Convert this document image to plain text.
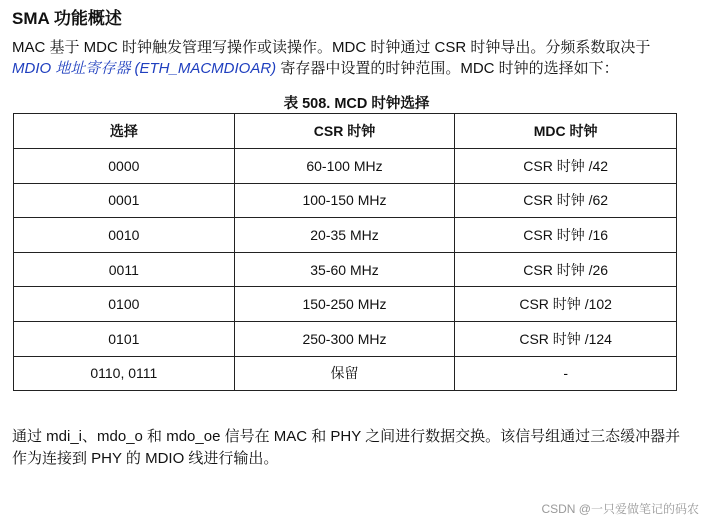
SMA 功能概述
MAC 基于 MDC 时钟触发管理写操作或读操作。MDC 时钟通过 CSR 时钟导出。分频系数取决于 MDIO 地址寄存器 (ETH_MACMDIOAR) 寄存器中设置的时钟范围。MDC 时钟的选择如下：
表 508. MCD 时钟选择
选择	CSR 时钟	MDC 时钟
0000	60-100 MHz	CSR 时钟 /42
0001	100-150 MHz	CSR 时钟 /62
0010	20-35 MHz	CSR 时钟 /16
0011	35-60 MHz	CSR 时钟 /26
0100	150-250 MHz	CSR 时钟 /102
0101	250-300 MHz	CSR 时钟 /124
0110, 0111	保留	-
通过 mdi_i、mdo_o 和 mdo_oe 信号在 MAC 和 PHY 之间进行数据交换。该信号组通过三态缓冲器并作为连接到 PHY 的 MDIO 线进行输出。
CSDN @一只爱做笔记的码农
